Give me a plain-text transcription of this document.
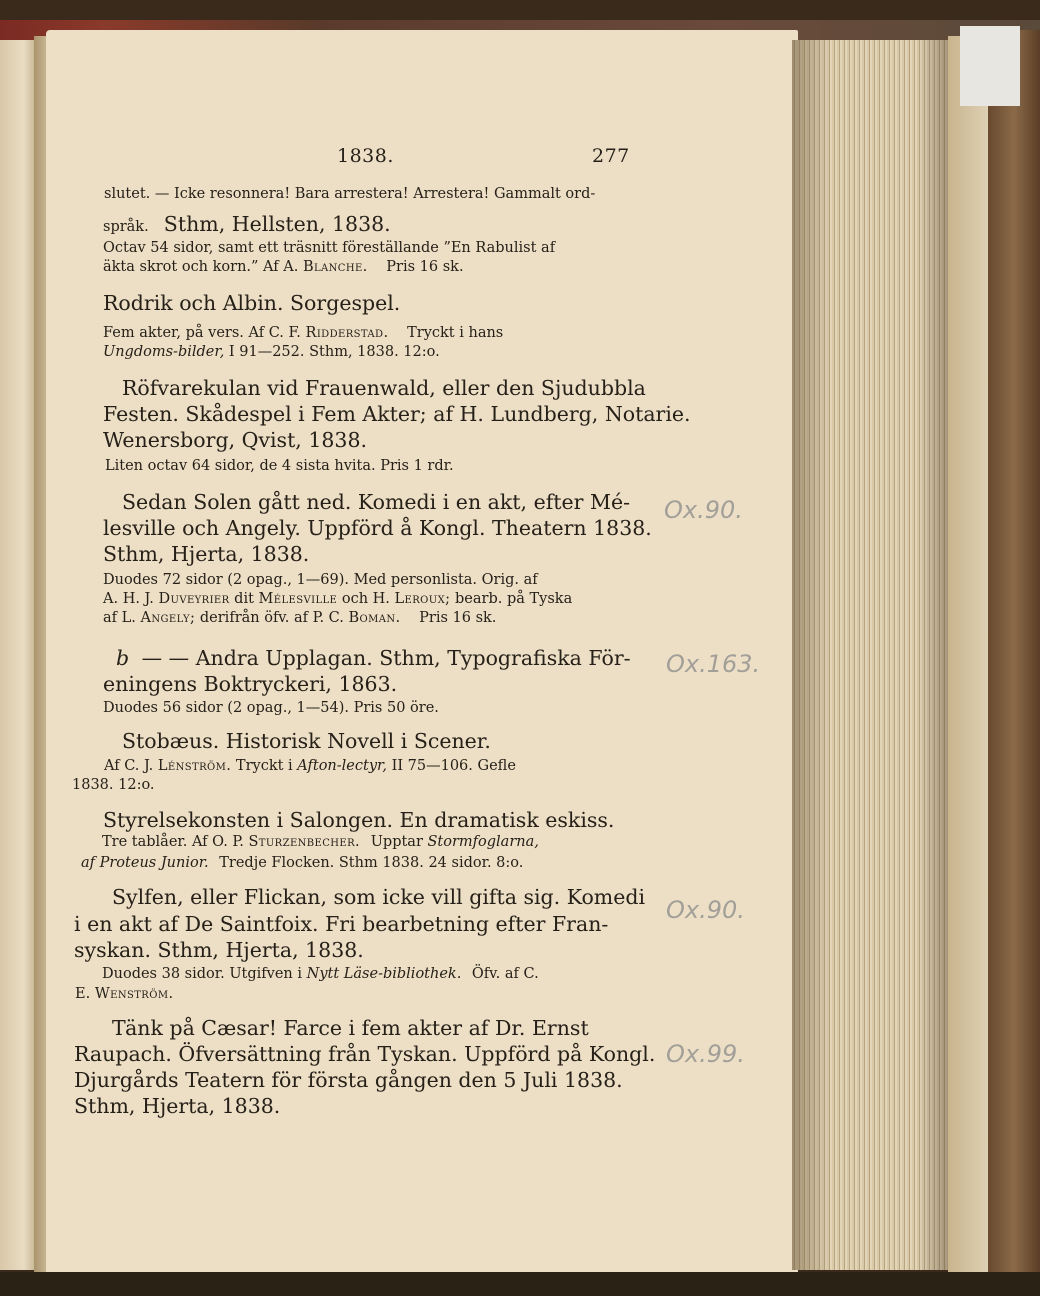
1838.	277
slutet. — Icke resonnera! Bara arrestera! Arrestera! Gammalt ord-
språk. Sthm, Hellsten, 1838.
Octav 54 sidor, samt ett träsnitt föreställande ”En Rabulist af
äkta skrot och korn.” Af A. Blanche. Pris 16 sk.
Rodrik och Albin. Sorgespel.
Fem akter, på vers. Af C. F. Ridderstad. Tryckt i hans
Ungdoms-bilder, I 91—252. Sthm, 1838. 12:o.
Röfvarekulan vid Frauenwald, eller den Sjudubbla
Festen. Skådespel i Fem Akter; af H. Lundberg, Notarie.
Wenersborg, Qvist, 1838.
Liten octav 64 sidor, de 4 sista hvita. Pris 1 rdr.
Sedan Solen gått ned. Komedi i en akt, efter Mé-
lesville och Angely. Uppförd å Kongl. Theatern 1838.
Sthm, Hjerta, 1838.
Duodes 72 sidor (2 opag., 1—69). Med personlista. Orig. af
A. H. J. Duveyrier dit Mélesville och H. Leroux; bearb. på Tyska
af L. Angely; derifrån öfv. af P. C. Boman. Pris 16 sk.
b — — Andra Upplagan. Sthm, Typografiska För-
eningens Boktryckeri, 1863.
Duodes 56 sidor (2 opag., 1—54). Pris 50 öre.
Stobæus. Historisk Novell i Scener.
Af C. J. Lénström. Tryckt i Afton-lectyr, II 75—106. Gefle
1838. 12:o.
Styrelsekonsten i Salongen. En dramatisk eskiss.
Tre tablåer. Af O. P. Sturzenbecher. Upptar Stormfoglarna,
af Proteus Junior. Tredje Flocken. Sthm 1838. 24 sidor. 8:o.
Sylfen, eller Flickan, som icke vill gifta sig. Komedi
i en akt af De Saintfoix. Fri bearbetning efter Fran-
syskan. Sthm, Hjerta, 1838.
Duodes 38 sidor. Utgifven i Nytt Läse-bibliothek. Öfv. af C.
E. Wenström.
Tänk på Cæsar! Farce i fem akter af Dr. Ernst
Raupach. Öfversättning från Tyskan. Uppförd på Kongl.
Djurgårds Teatern för första gången den 5 Juli 1838.
Sthm, Hjerta, 1838.
Ox.90.
Ox.163.
Ox.90.
Ox.99.
